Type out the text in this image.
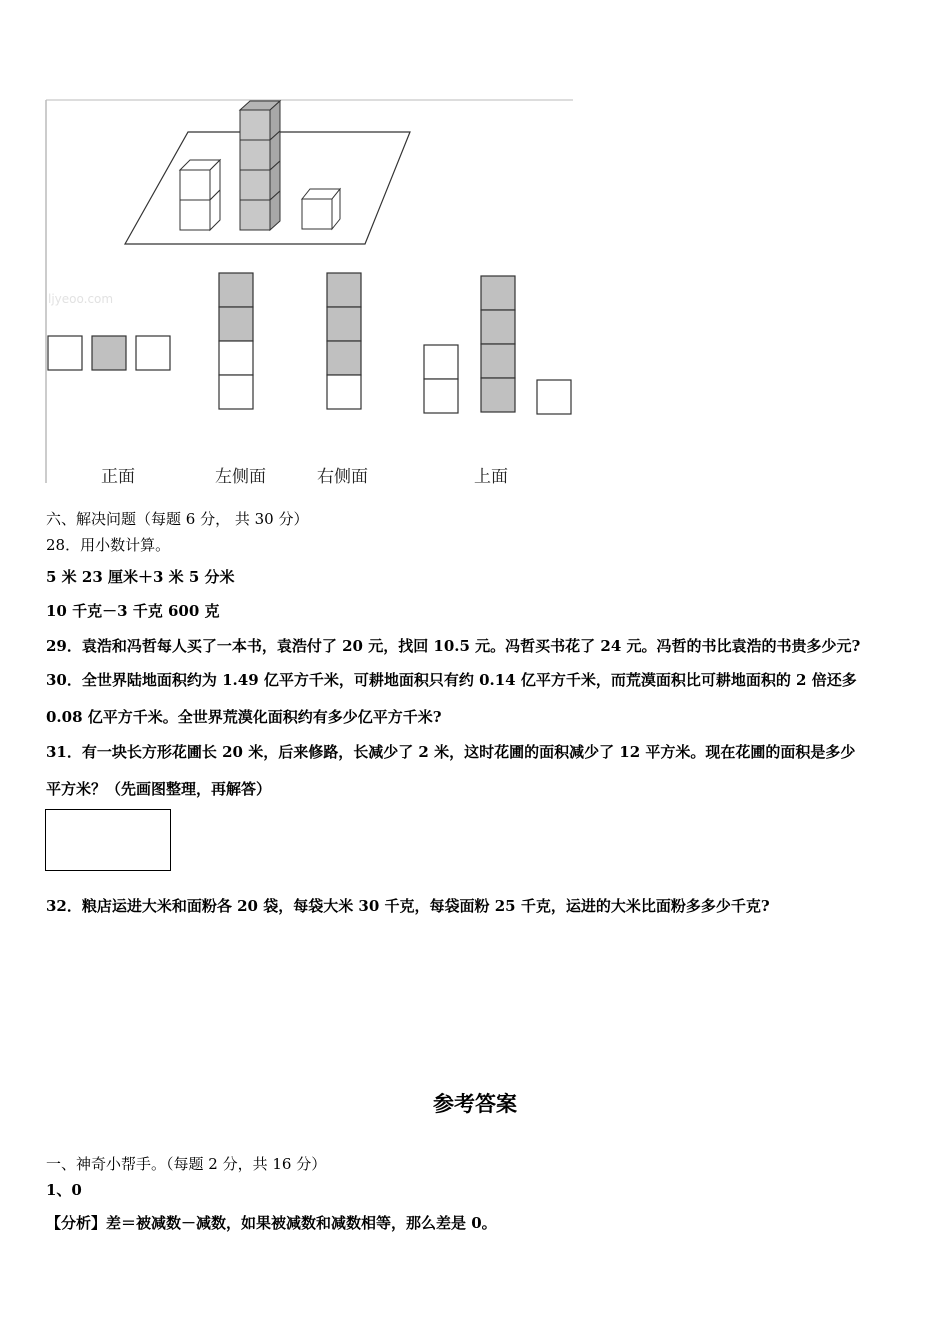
ljyeoo.com
正面	左侧面	右侧面	上面
六、解决问题（每题 6 分， 共 30 分）
28．用小数计算。
5 米 23 厘米＋3 米 5 分米
10 千克－3 千克 600 克
29．袁浩和冯哲每人买了一本书，袁浩付了 20 元，找回 10.5 元。冯哲买书花了 24 元。冯哲的书比袁浩的书贵多少元?
30．全世界陆地面积约为 1.49 亿平方千米，可耕地面积只有约 0.14 亿平方千米，而荒漠面积比可耕地面积的 2 倍还多
0.08 亿平方千米。全世界荒漠化面积约有多少亿平方千米?
31．有一块长方形花圃长 20 米，后来修路，长减少了 2 米，这时花圃的面积减少了 12 平方米。现在花圃的面积是多少
平方米？（先画图整理，再解答）
32．粮店运进大米和面粉各 20 袋，每袋大米 30 千克，每袋面粉 25 千克，运进的大米比面粉多多少千克?
参考答案
一、神奇小帮手。（每题 2 分，共 16 分）
1、0
【分析】差＝被减数－减数，如果被减数和减数相等，那么差是 0。
